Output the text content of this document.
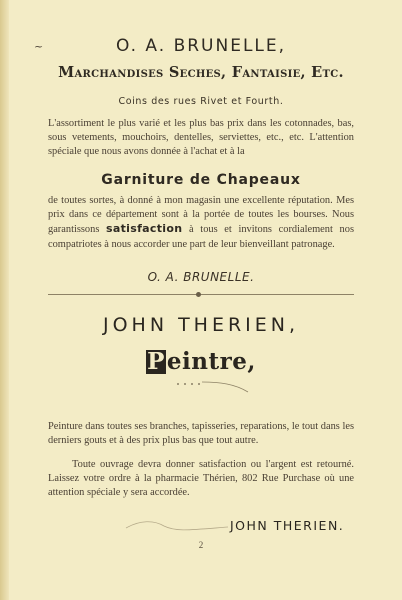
~	O. A. BRUNELLE,
Marchandises Seches, Fantaisie, Etc.
Coins des rues Rivet et Fourth.
L'assortiment le plus varié et les plus bas prix dans les cotonnades, bas, sous vetements, mouchoirs, dentelles, serviettes, etc., etc. L'attention spéciale que nous avons donnée à l'achat et à la
Garniture de Chapeaux
de toutes sortes, à donné à mon magasin une excellente réputation. Mes prix dans ce département sont à la portée de toutes les bourses. Nous garantissons satisfaction à tous et invitons cordialement nos compatriotes à nous accorder une part de leur bienveillant patronage.
O. A. BRUNELLE.
JOHN THERIEN,
Peintre,
Peinture dans toutes ses branches, tapisseries, reparations, le tout dans les derniers gouts et à des prix plus bas que tout autre.
Toute ouvrage devra donner satisfaction ou l'argent est retourné. Laissez votre ordre à la pharmacie Thérien, 802 Rue Purchase où une attention spéciale y sera accordée.
JOHN THERIEN.
2
